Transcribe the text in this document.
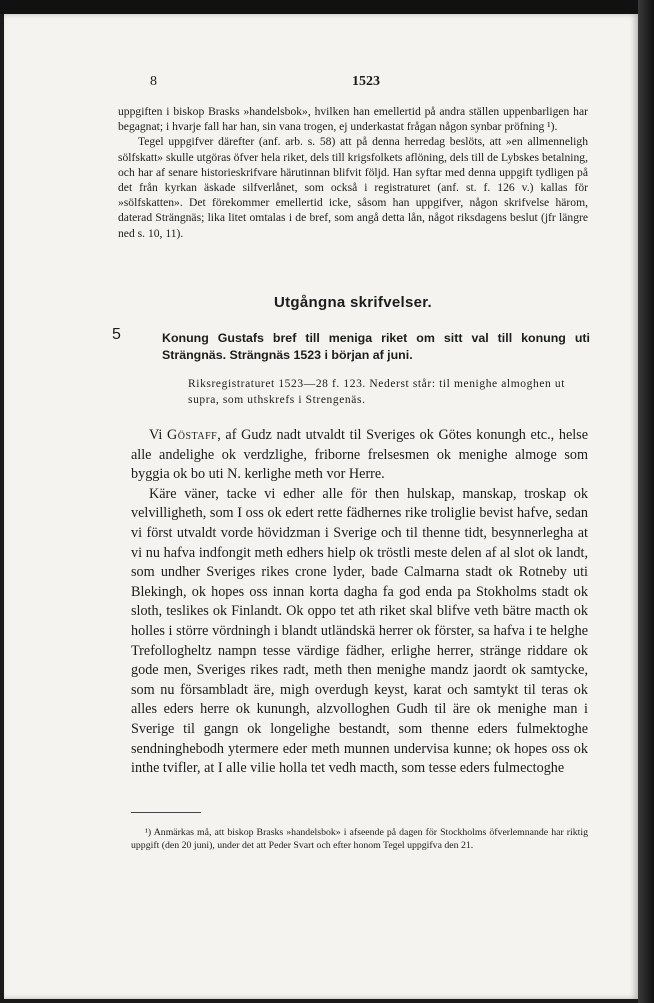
8	1523

uppgiften i biskop Brasks »handelsbok», hvilken han emellertid på andra ställen uppenbarligen har begagnat; i hvarje fall har han, sin vana trogen, ej underkastat frågan någon synbar pröfning ¹).

Tegel uppgifver därefter (anf. arb. s. 58) att på denna herredag beslöts, att »en allmenneligh sölfskatt» skulle utgöras öfver hela riket, dels till krigsfolkets aflöning, dels till de Lybskes betalning, och har af senare historieskrifvare härutinnan blifvit följd. Han syftar med denna uppgift tydligen på det från kyrkan äskade silfverlånet, som också i registraturet (anf. st. f. 126 v.) kallas för »sölfskatten». Det förekommer emellertid icke, såsom han uppgifver, någon skrifvelse härom, daterad Strängnäs; lika litet omtalas i de bref, som angå detta lån, något riksdagens beslut (jfr längre ned s. 10, 11).

Utgångna skrifvelser.
5	Konung Gustafs bref till meniga riket om sitt val till konung uti Strängnäs. Strängnäs 1523 i början af juni.
Riksregistraturet 1523—28 f. 123. Nederst står: til menighe almoghen ut supra, som uthskrefs i Strengenäs.

Vi Göstaff, af Gudz nadt utvaldt til Sveriges ok Götes konungh etc., helse alle andelighe ok verdzlighe, friborne frelsesmen ok menighe almoge som byggia ok bo uti N. kerlighe meth vor Herre.

Käre väner, tacke vi edher alle för then hulskap, manskap, troskap ok velvilligheth, som I oss ok edert rette fädhernes rike troliglie bevist hafve, sedan vi först utvaldt vorde hövidzman i Sverige och til thenne tidt, besynnerlegha at vi nu hafva indfongit meth edhers hielp ok tröstli meste delen af al slot ok landt, som undher Sveriges rikes crone lyder, bade Calmarna stadt ok Rotneby uti Blekingh, ok hopes oss innan korta dagha fa god enda pa Stokholms stadt ok sloth, teslikes ok Finlandt. Ok oppo tet ath riket skal blifve veth bätre macth ok holles i störrе vördningh i blandt utländskä herrer ok förster, sa hafva i te helghe Trefollogheltz nampn tesse värdige fädher, erlighe herrer, stränge riddare ok gode men, Sveriges rikes radt, meth then menighe mandz jaordt ok samtycke, som nu försambladt äre, migh overdugh keyst, karat och samtykt til teras ok alles eders herre ok kunungh, alzvolloghen Gudh til äre ok menighe man i Sverige til gangn ok longelighe bestandt, som thenne eders fulmektoghe sendninghebodh ytermere eder meth munnen undervisa kunne; ok hopes oss ok inthe tvifler, at I alle vilie holla tet vedh macth, som tesse eders fulmectoghe

¹) Anmärkas må, att biskop Brasks »handelsbok» i afseende på dagen för Stockholms öfverlemnande har riktig uppgift (den 20 juni), under det att Peder Svart och efter honom Tegel uppgifva den 21.
